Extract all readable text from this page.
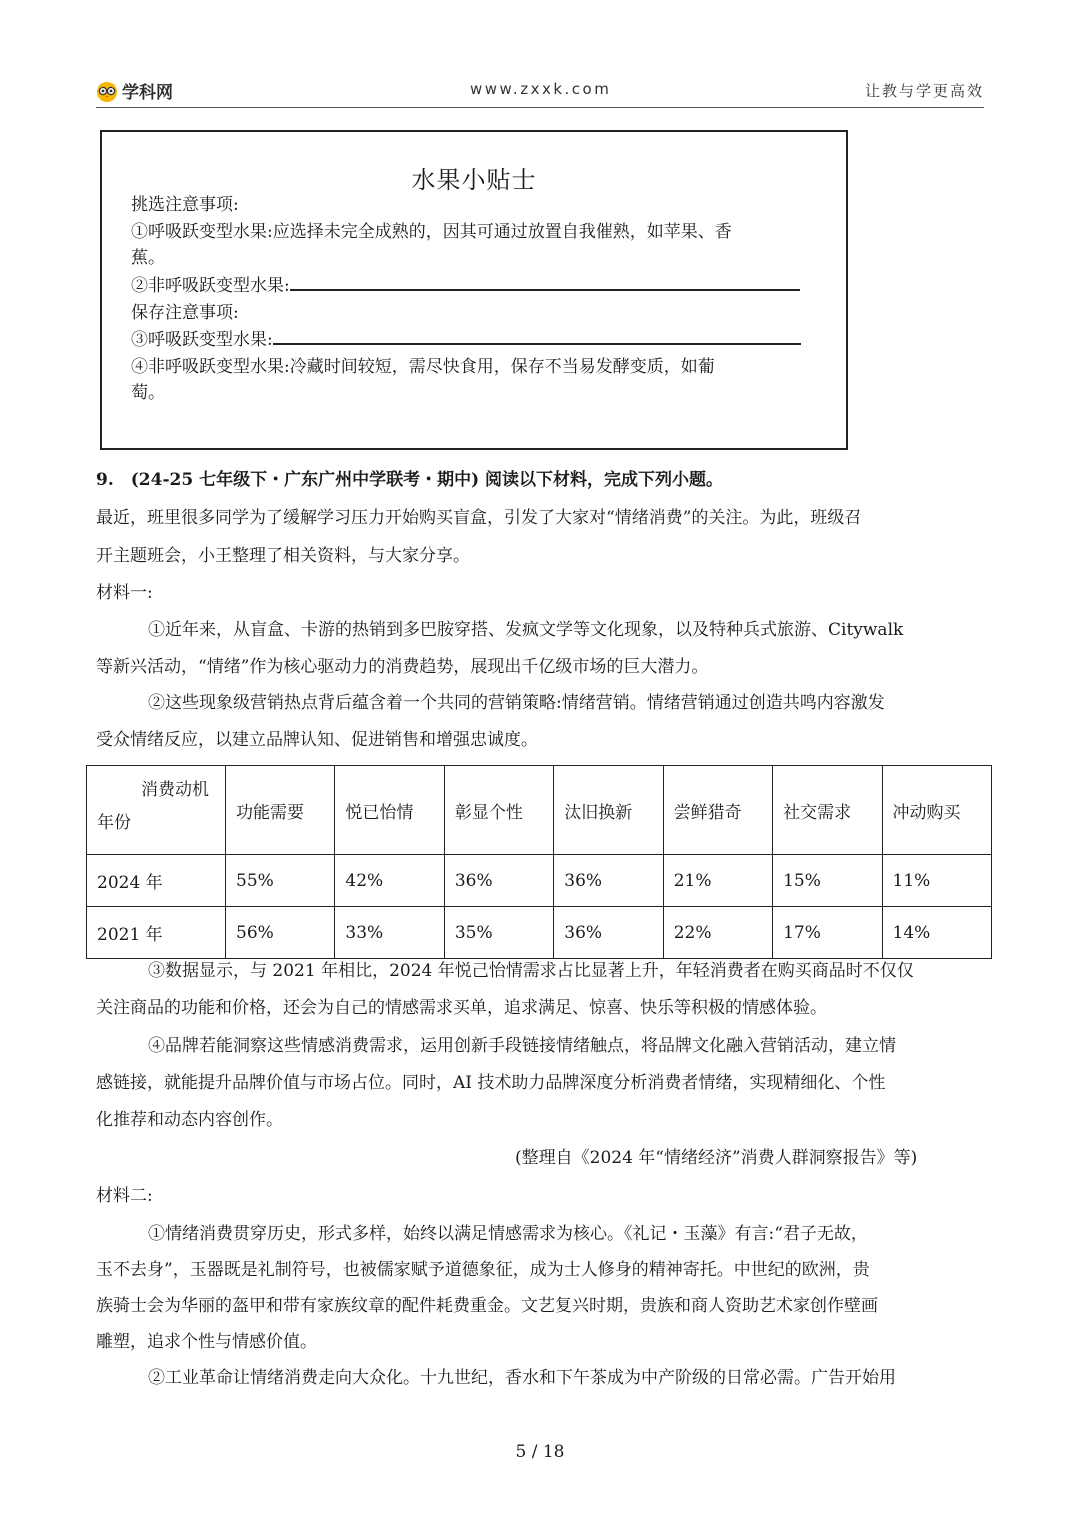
学科网	www.zxxk.com	让教与学更高效
水果小贴士
挑选注意事项:
①呼吸跃变型水果:应选择未完全成熟的，因其可通过放置自我催熟，如苹果、香
蕉。
②非呼吸跃变型水果:
保存注意事项:
③呼吸跃变型水果:
④非呼吸跃变型水果:冷藏时间较短，需尽快食用，保存不当易发酵变质，如葡
萄。
9.　(24-25 七年级下・广东广州中学联考・期中) 阅读以下材料，完成下列小题。
最近，班里很多同学为了缓解学习压力开始购买盲盒，引发了大家对“情绪消费”的关注。为此，班级召
开主题班会，小王整理了相关资料，与大家分享。
材料一:
①近年来，从盲盒、卡游的热销到多巴胺穿搭、发疯文学等文化现象，以及特种兵式旅游、Citywalk
等新兴活动，“情绪”作为核心驱动力的消费趋势，展现出千亿级市场的巨大潜力。
②这些现象级营销热点背后蕴含着一个共同的营销策略:情绪营销。情绪营销通过创造共鸣内容激发
受众情绪反应，以建立品牌认知、促进销售和增强忠诚度。
消费动机
年份	功能需要	悦已怡情	彰显个性	汰旧换新	尝鲜猎奇	社交需求	冲动购买
2024 年	55%	42%	36%	36%	21%	15%	11%
2021 年	56%	33%	35%	36%	22%	17%	14%
③数据显示，与 2021 年相比，2024 年悦己怡情需求占比显著上升，年轻消费者在购买商品时不仅仅
关注商品的功能和价格，还会为自己的情感需求买单，追求满足、惊喜、快乐等积极的情感体验。
④品牌若能洞察这些情感消费需求，运用创新手段链接情绪触点，将品牌文化融入营销活动，建立情
感链接，就能提升品牌价值与市场占位。同时，AI 技术助力品牌深度分析消费者情绪，实现精细化、个性
化推荐和动态内容创作。
(整理自《2024 年“情绪经济”消费人群洞察报告》等)
材料二:
①情绪消费贯穿历史，形式多样，始终以满足情感需求为核心。《礼记・玉藻》有言:“君子无故，
玉不去身”，玉器既是礼制符号，也被儒家赋予道德象征，成为士人修身的精神寄托。中世纪的欧洲，贵
族骑士会为华丽的盔甲和带有家族纹章的配件耗费重金。文艺复兴时期，贵族和商人资助艺术家创作壁画
雕塑，追求个性与情感价值。
②工业革命让情绪消费走向大众化。十九世纪，香水和下午茶成为中产阶级的日常必需。广告开始用
5 / 18
